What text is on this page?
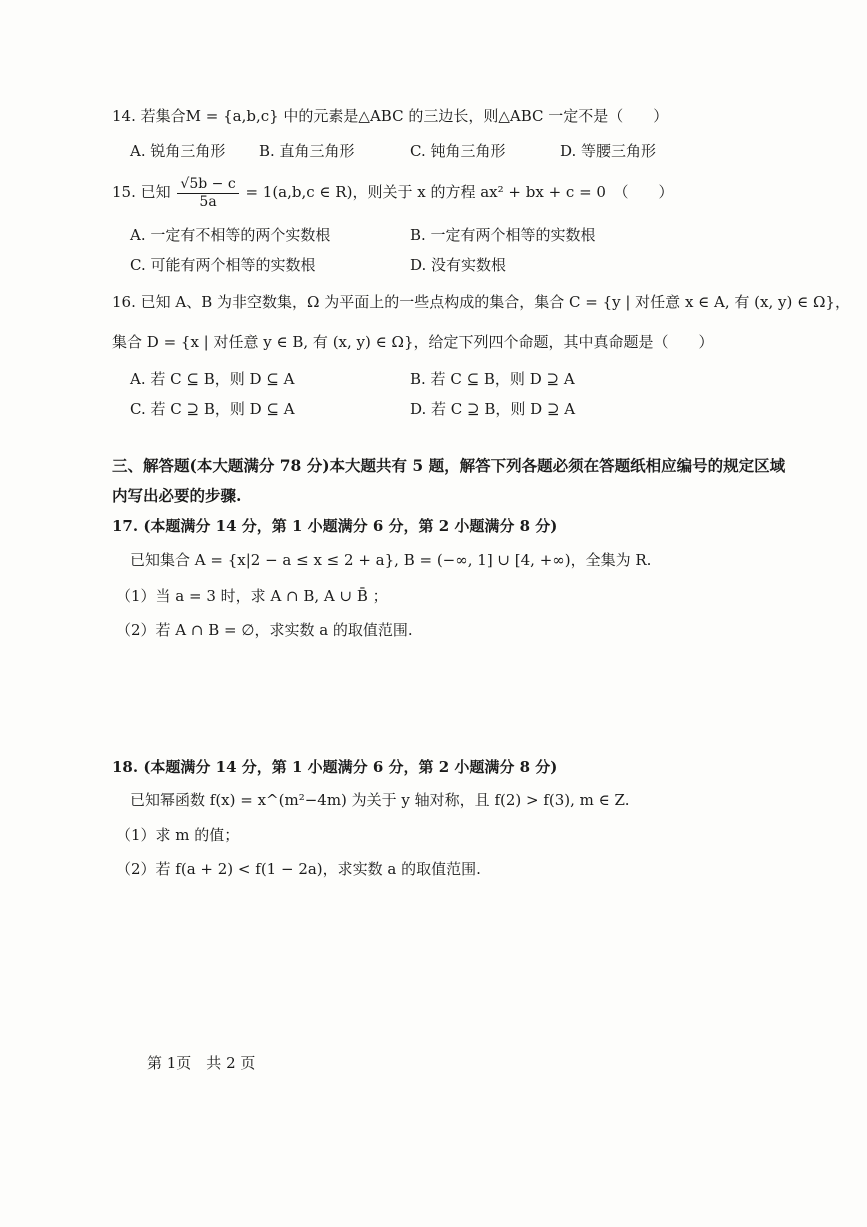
14. 若集合M = {a,b,c} 中的元素是△ABC 的三边长，则△ABC 一定不是（　　）
A. 锐角三角形 B. 直角三角形	C. 钝角三角形	D. 等腰三角形
15. 已知 $\frac{√5b - c}{5a} = 1(a,b,c$ ∈ R)，则关于 x 的方程 ax² + bx + c = 0　（　　）
A. 一定有不相等的两个实数根	B. 一定有两个相等的实数根
C. 可能有两个相等的实数根	D. 没有实数根
16. 已知 A、B 为非空数集，Ω 为平面上的一些点构成的集合，集合 C = {y | 对任意 x ∈ A, 有 (x, y) ∈ Ω}，
集合 D = {x | 对任意 y ∈ B, 有 (x, y) ∈ Ω}，给定下列四个命题，其中真命题是（　　）
A. 若 C ⊆ B，则 D ⊆ A	B. 若 C ⊆ B，则 D ⊇ A
C. 若 C ⊇ B，则 D ⊆ A	D. 若 C ⊇ B，则 D ⊇ A
三、解答题(本大题满分 78 分)本大题共有 5 题，解答下列各题必须在答题纸相应编号的规定区域
内写出必要的步骤.
17. (本题满分 14 分，第 1 小题满分 6 分，第 2 小题满分 8 分)
已知集合 A = {x|2 − a ≤ x ≤ 2 + a}, B = (−∞, 1] ∪ [4, +∞)，全集为 R.
（1）当 a = 3 时，求 A ∩ B, A ∪ B̄ ；
（2）若 A ∩ B = ∅，求实数 a 的取值范围.
18. (本题满分 14 分，第 1 小题满分 6 分，第 2 小题满分 8 分)
已知幂函数 f(x) = x^(m²−4m) 为关于 y 轴对称，且 f(2) > f(3), m ∈ Z.
（1）求 m 的值；
（2）若 f(a + 2) < f(1 − 2a)，求实数 a 的取值范围.
第 1页　共 2 页
